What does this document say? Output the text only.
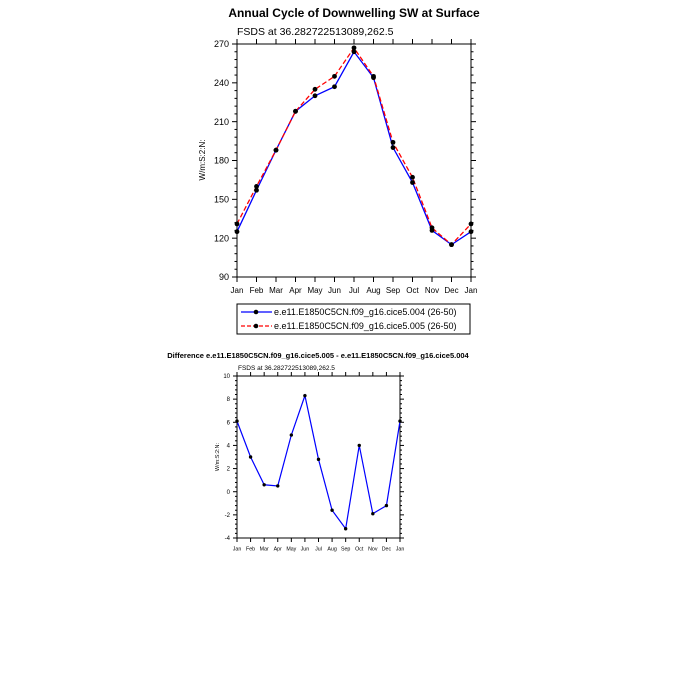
Annual Cycle of Downwelling SW at Surface
FSDS at 36.282722513089,262.5
W/m:S:2:N:
90
120
150
180
210
240
270
Jan Feb Mar Apr May Jun Jul Aug Sep Oct Nov Dec Jan
e.e11.E1850C5CN.f09_g16.cice5.004 (26-50)
e.e11.E1850C5CN.f09_g16.cice5.005 (26-50)
Difference e.e11.E1850C5CN.f09_g16.cice5.005 - e.e11.E1850C5CN.f09_g16.cice5.004
FSDS at 36.282722513089,262.5
W/m:S:2:N:
-4
-2
0
2
4
6
8
10
Jan Feb Mar Apr May Jun Jul Aug Sep Oct Nov Dec Jan
